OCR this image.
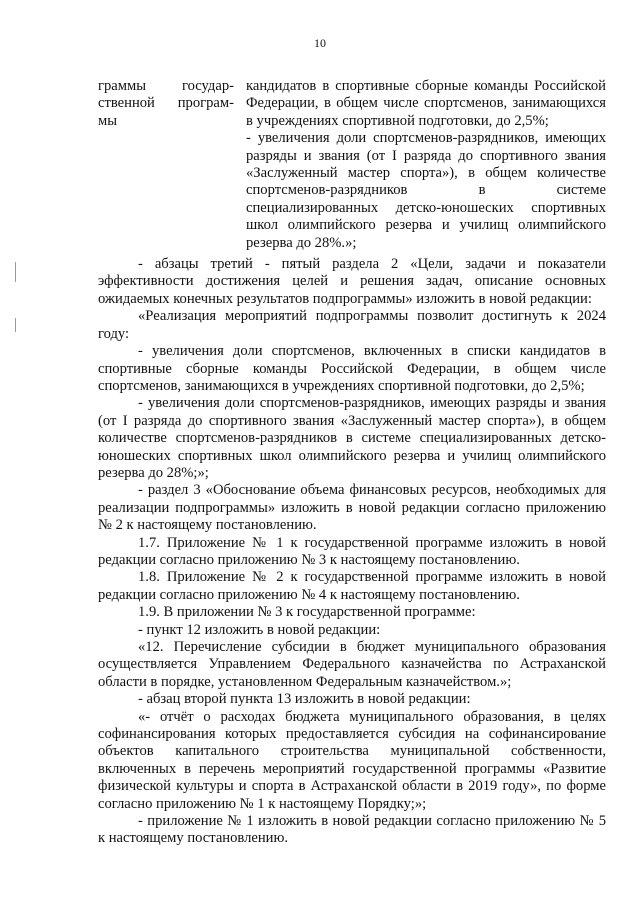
10
граммы государ-
ственной програм-
мы

кандидатов в спортивные сборные команды Российской Федерации, в общем числе спортсменов, занимающихся в учреждениях спортивной подготовки, до 2,5%;

- увеличения доли спортсменов-разрядников, имеющих разряды и звания (от I разряда до спортивного звания «Заслуженный мастер спорта»), в общем количестве спортсменов-разрядников в системе специализированных детско-юношеских спортивных школ олимпийского резерва и училищ олимпийского резерва до 28%.»;

- абзацы третий - пятый раздела 2 «Цели, задачи и показатели эффективности достижения целей и решения задач, описание основных ожидаемых конечных результатов подпрограммы» изложить в новой редакции:

«Реализация мероприятий подпрограммы позволит достигнуть к 2024 году:

- увеличения доли спортсменов, включенных в списки кандидатов в спортивные сборные команды Российской Федерации, в общем числе спортсменов, занимающихся в учреждениях спортивной подготовки, до 2,5%;

- увеличения доли спортсменов-разрядников, имеющих разряды и звания (от I разряда до спортивного звания «Заслуженный мастер спорта»), в общем количестве спортсменов-разрядников в системе специализированных детско-юношеских спортивных школ олимпийского резерва и училищ олимпийского резерва до 28%;»;

- раздел 3 «Обоснование объема финансовых ресурсов, необходимых для реализации подпрограммы» изложить в новой редакции согласно приложению № 2 к настоящему постановлению.

1.7. Приложение № 1 к государственной программе изложить в новой редакции согласно приложению № 3 к настоящему постановлению.

1.8. Приложение № 2 к государственной программе изложить в новой редакции согласно приложению № 4 к настоящему постановлению.

1.9. В приложении № 3 к государственной программе:

- пункт 12 изложить в новой редакции:

«12. Перечисление субсидии в бюджет муниципального образования осуществляется Управлением Федерального казначейства по Астраханской области в порядке, установленном Федеральным казначейством.»;

- абзац второй пункта 13 изложить в новой редакции:

«- отчёт о расходах бюджета муниципального образования, в целях софинансирования которых предоставляется субсидия на софинансирование объектов капитального строительства муниципальной собственности, включенных в перечень мероприятий государственной программы «Развитие физической культуры и спорта в Астраханской области в 2019 году», по форме согласно приложению № 1 к настоящему Порядку;»;

- приложение № 1 изложить в новой редакции согласно приложению № 5 к настоящему постановлению.
